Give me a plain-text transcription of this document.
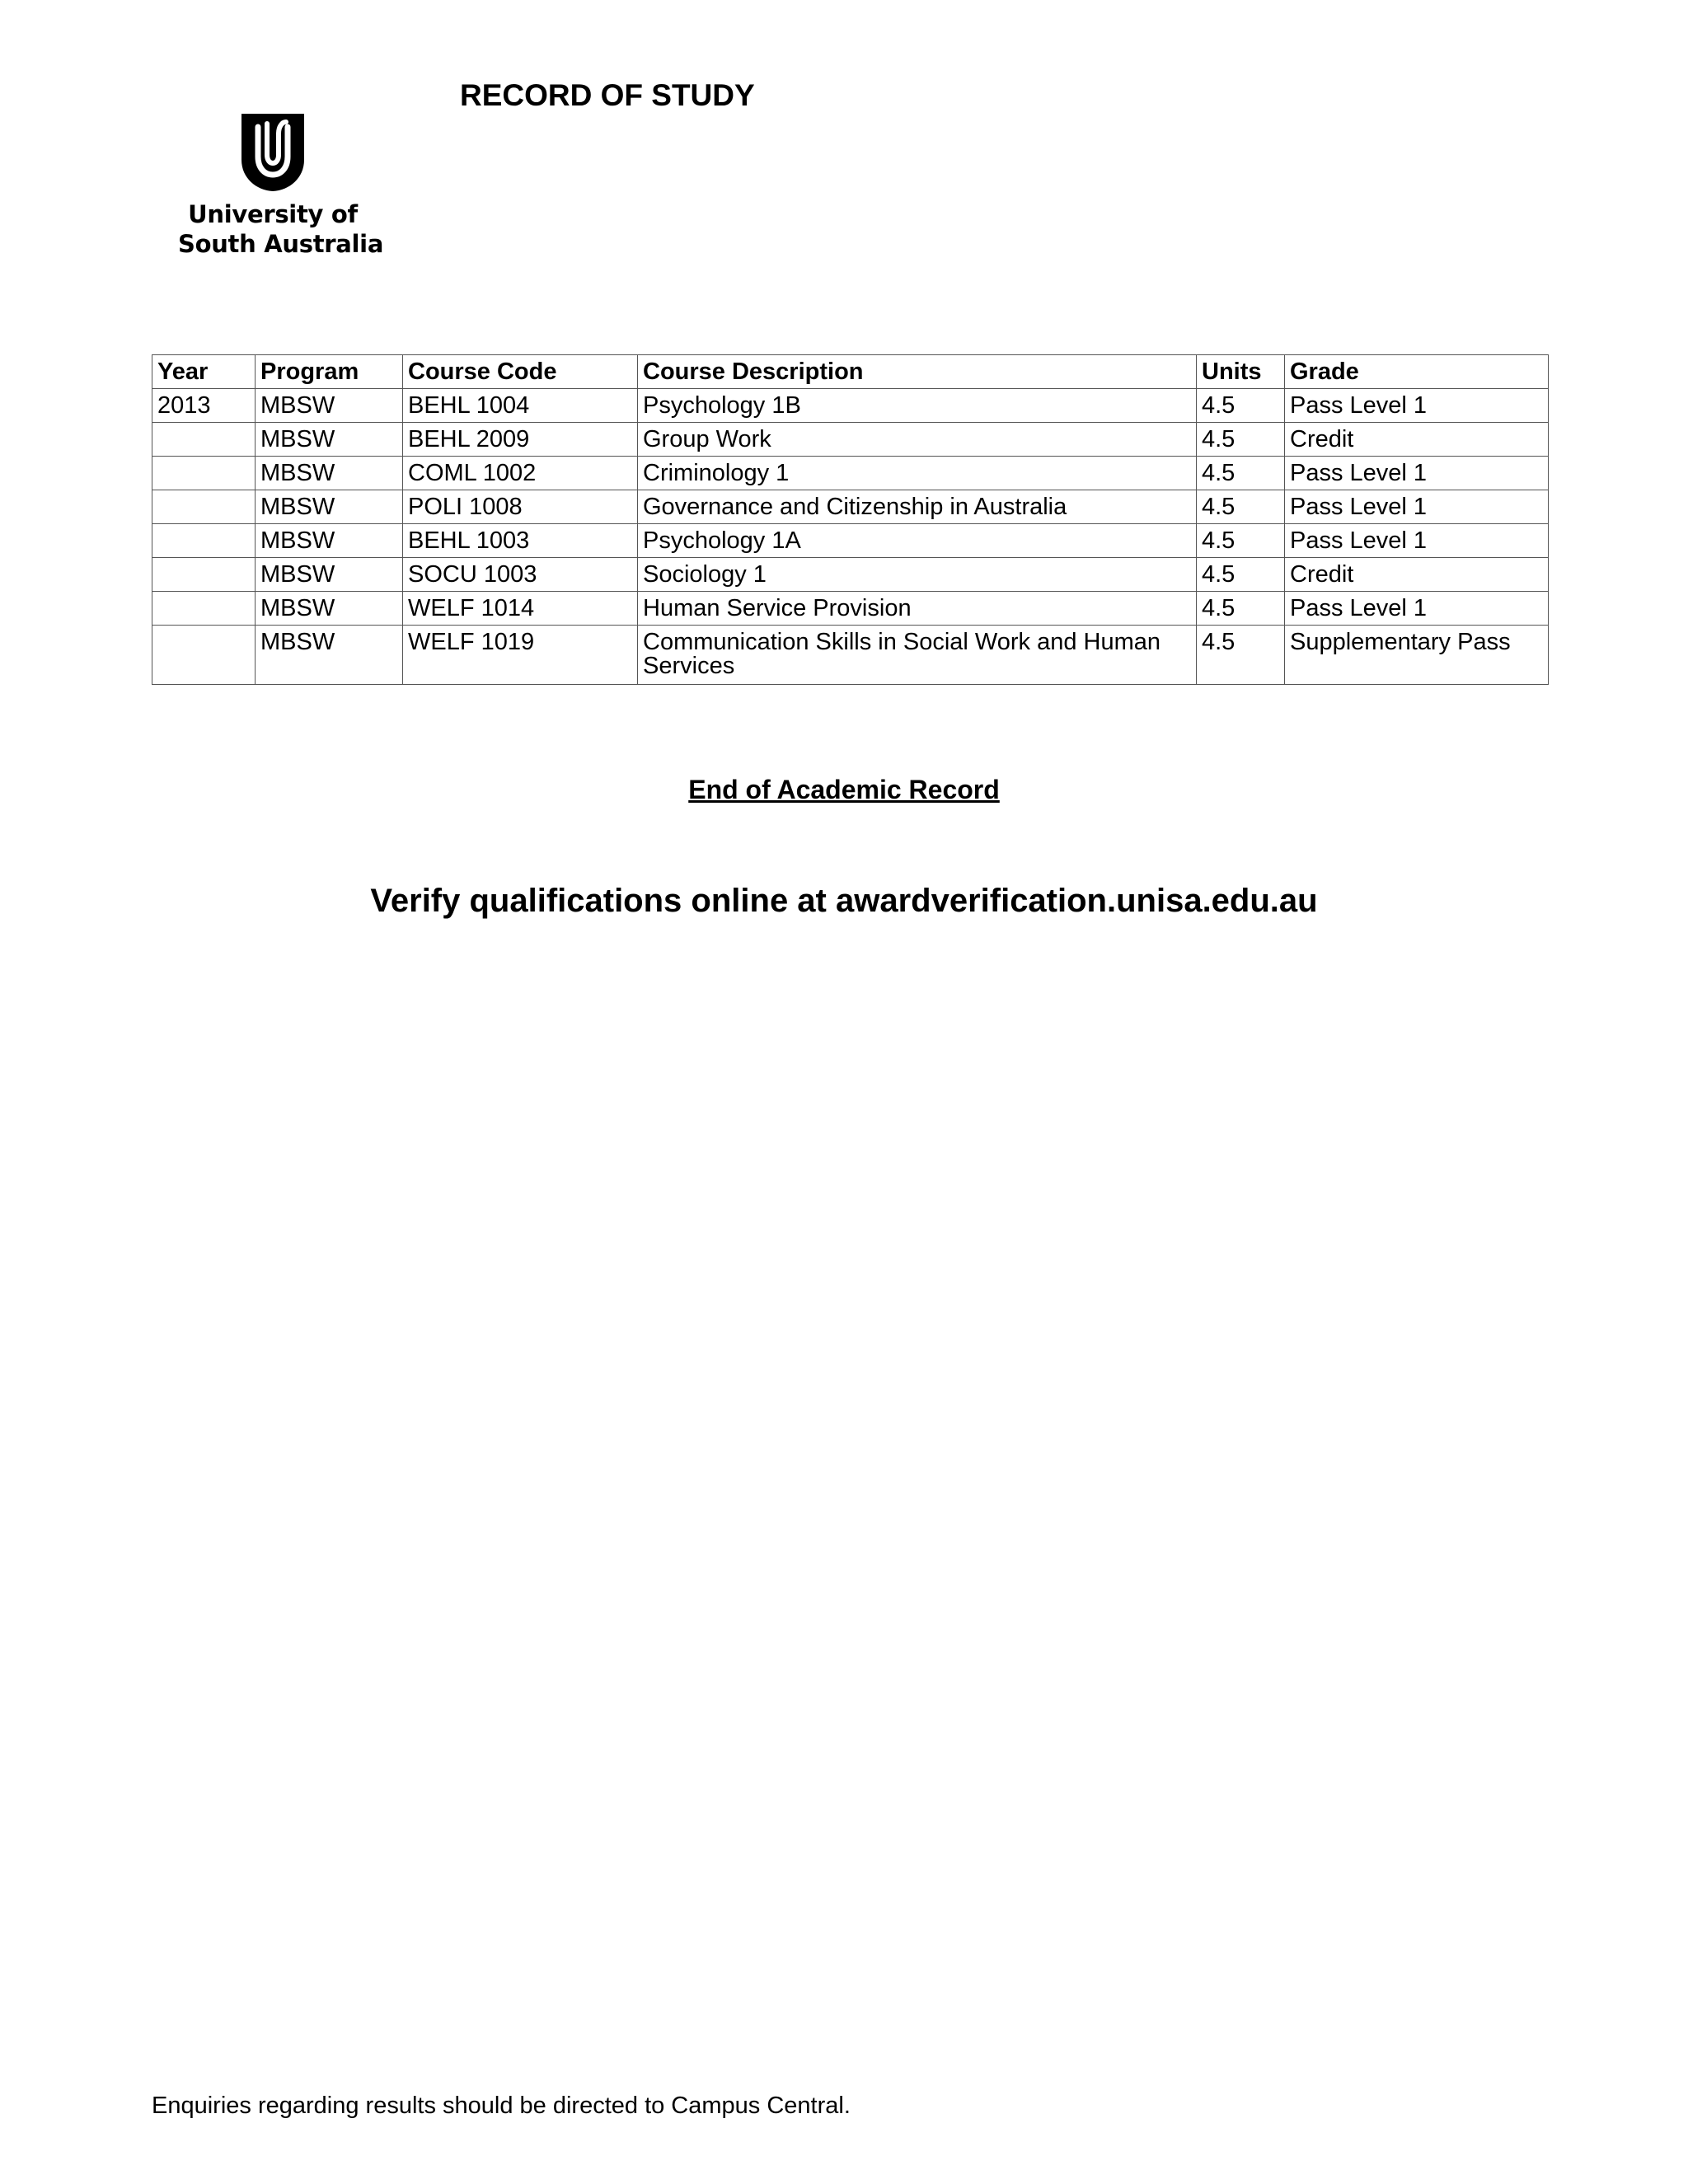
University of
South Australia
RECORD OF STUDY
Year	Program	Course Code	Course Description	Units	Grade
2013	MBSW	BEHL 1004	Psychology 1B	4.5	Pass Level 1
	MBSW	BEHL 2009	Group Work	4.5	Credit
	MBSW	COML 1002	Criminology 1	4.5	Pass Level 1
	MBSW	POLI 1008	Governance and Citizenship in Australia	4.5	Pass Level 1
	MBSW	BEHL 1003	Psychology 1A	4.5	Pass Level 1
	MBSW	SOCU 1003	Sociology 1	4.5	Credit
	MBSW	WELF 1014	Human Service Provision	4.5	Pass Level 1
	MBSW	WELF 1019	Communication Skills in Social Work and Human Services	4.5	Supplementary Pass
End of Academic Record
Verify qualifications online at awardverification.unisa.edu.au
Enquiries regarding results should be directed to Campus Central.
